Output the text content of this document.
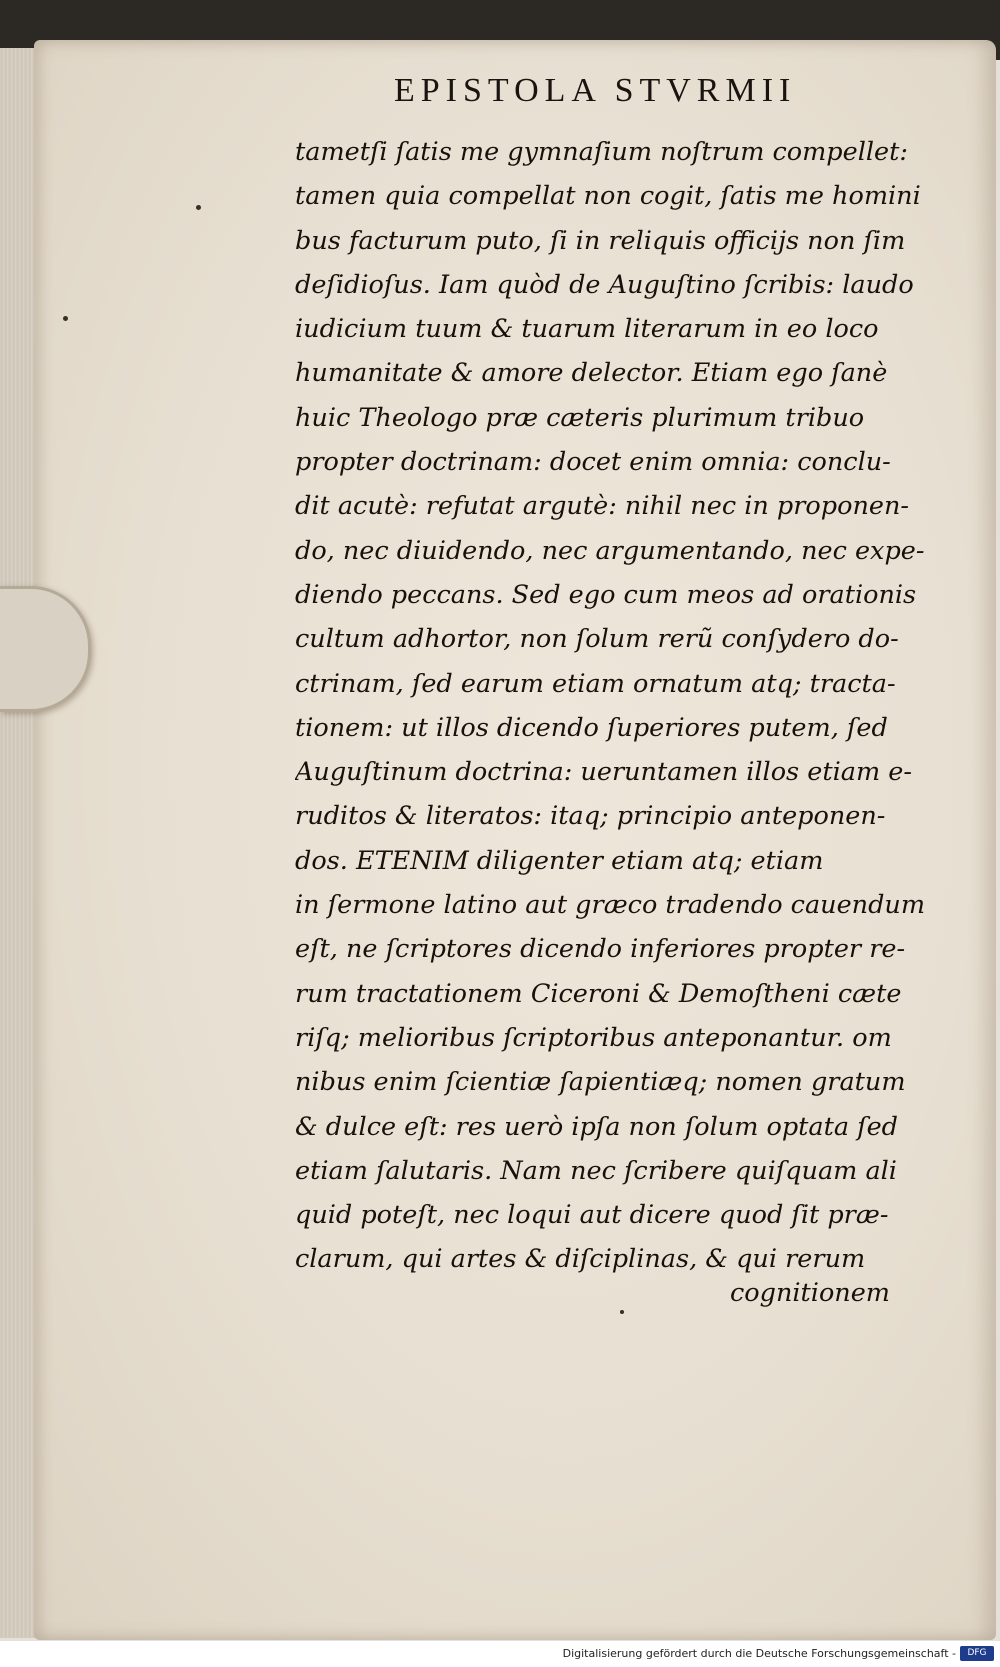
EPISTOLA STVRMII
tametſi ſatis me gymnaſium noſtrum compellet:
tamen quia compellat non cogit, ſatis me homini
bus facturum puto, ſi in reliquis officijs non ſim
deſidioſus. Iam quòd de Auguſtino ſcribis: laudo
iudicium tuum & tuarum literarum in eo loco
humanitate & amore delector. Etiam ego ſanè
huic Theologo præ cæteris plurimum tribuo
propter doctrinam: docet enim omnia: conclu-
dit acutè: refutat argutè: nihil nec in proponen-
do, nec diuidendo, nec argumentando, nec expe-
diendo peccans. Sed ego cum meos ad orationis
cultum adhortor, non ſolum rerũ conſydero do-
ctrinam, ſed earum etiam ornatum atq; tracta-
tionem: ut illos dicendo ſuperiores putem, ſed
Auguſtinum doctrina: ueruntamen illos etiam e-
ruditos & literatos: itaq; principio anteponen-
dos. ETENIM diligenter etiam atq; etiam
in ſermone latino aut græco tradendo cauendum
eſt, ne ſcriptores dicendo inferiores propter re-
rum tractationem Ciceroni & Demoſtheni cæte
riſq; melioribus ſcriptoribus anteponantur. om
nibus enim ſcientiæ ſapientiæq; nomen gratum
& dulce eſt: res uerò ipſa non ſolum optata ſed
etiam ſalutaris. Nam nec ſcribere quiſquam ali
quid poteſt, nec loqui aut dicere quod ſit præ-
clarum, qui artes & diſciplinas, & qui rerum
cognitionem
Digitalisierung gefördert durch die Deutsche Forschungsgemeinschaft -	DFG
